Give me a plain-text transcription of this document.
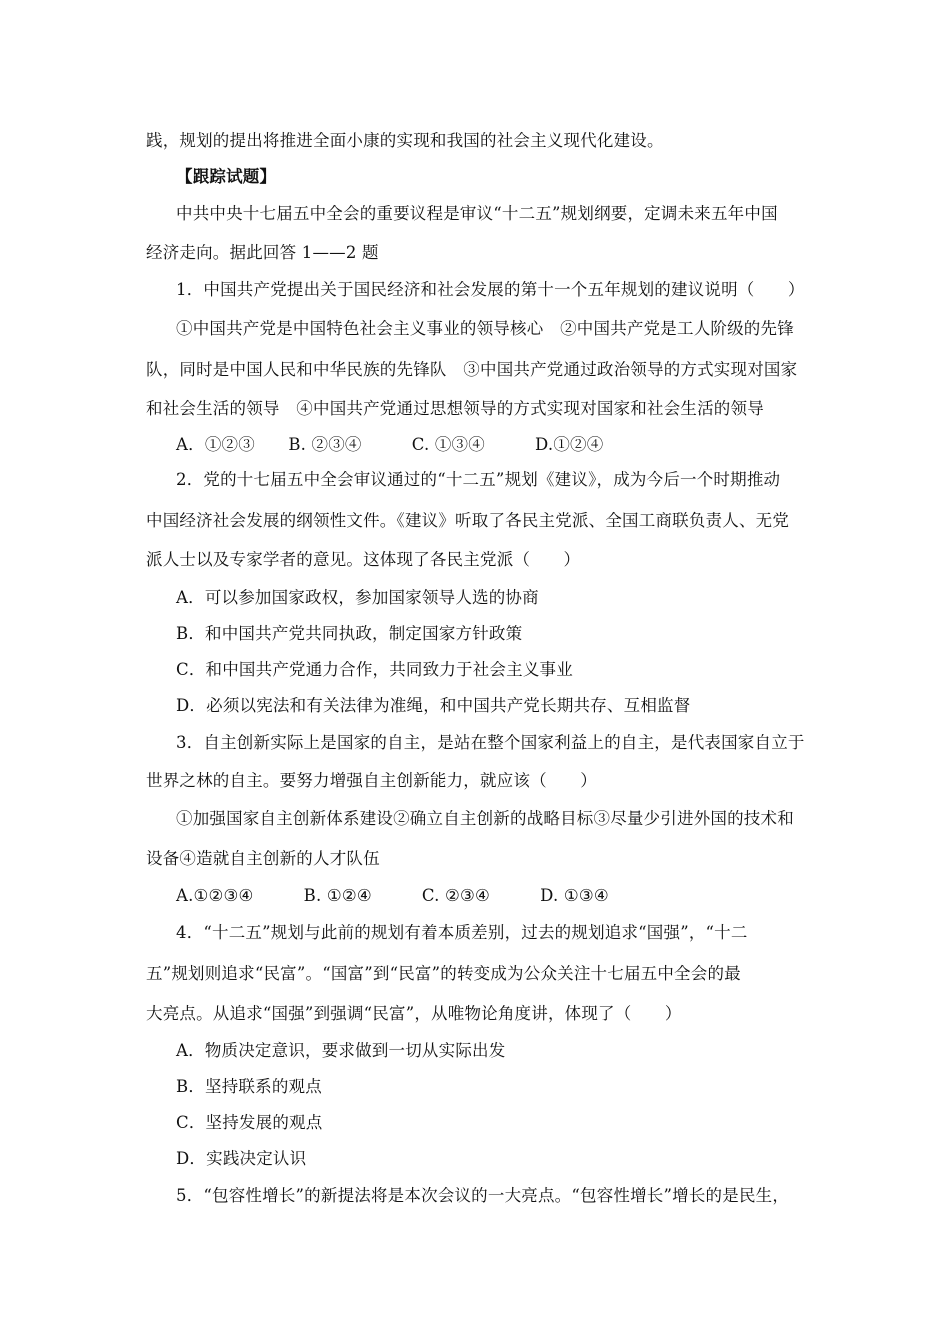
践，规划的提出将推进全面小康的实现和我国的社会主义现代化建设。
【跟踪试题】
中共中央十七届五中全会的重要议程是审议“十二五”规划纲要，定调未来五年中国
经济走向。据此回答 1——2 题
1．中国共产党提出关于国民经济和社会发展的第十一个五年规划的建议说明（　　）
①中国共产党是中国特色社会主义事业的领导核心　②中国共产党是工人阶级的先锋
队，同时是中国人民和中华民族的先锋队　③中国共产党通过政治领导的方式实现对国家
和社会生活的领导　④中国共产党通过思想领导的方式实现对国家和社会生活的领导
A．①②③　　B. ②③④　　　C. ①③④　　　D.①②④
2．党的十七届五中全会审议通过的“十二五”规划《建议》，成为今后一个时期推动
中国经济社会发展的纲领性文件。《建议》听取了各民主党派、全国工商联负责人、无党
派人士以及专家学者的意见。这体现了各民主党派（　　）
A．可以参加国家政权，参加国家领导人选的协商
B．和中国共产党共同执政，制定国家方针政策
C．和中国共产党通力合作，共同致力于社会主义事业
D．必须以宪法和有关法律为准绳，和中国共产党长期共存、互相监督
3．自主创新实际上是国家的自主，是站在整个国家利益上的自主，是代表国家自立于
世界之林的自主。要努力增强自主创新能力，就应该（　　）
①加强国家自主创新体系建设②确立自主创新的战略目标③尽量少引进外国的技术和
设备④造就自主创新的人才队伍
A.①②③④　　　B. ①②④　　　C. ②③④　　　D. ①③④
4．“十二五”规划与此前的规划有着本质差别，过去的规划追求“国强”，“十二
五”规划则追求“民富”。“国富”到“民富”的转变成为公众关注十七届五中全会的最
大亮点。从追求“国强”到强调“民富”，从唯物论角度讲，体现了（　　）
A．物质决定意识，要求做到一切从实际出发
B．坚持联系的观点
C．坚持发展的观点
D．实践决定认识
5．“包容性增长”的新提法将是本次会议的一大亮点。“包容性增长”增长的是民生，
